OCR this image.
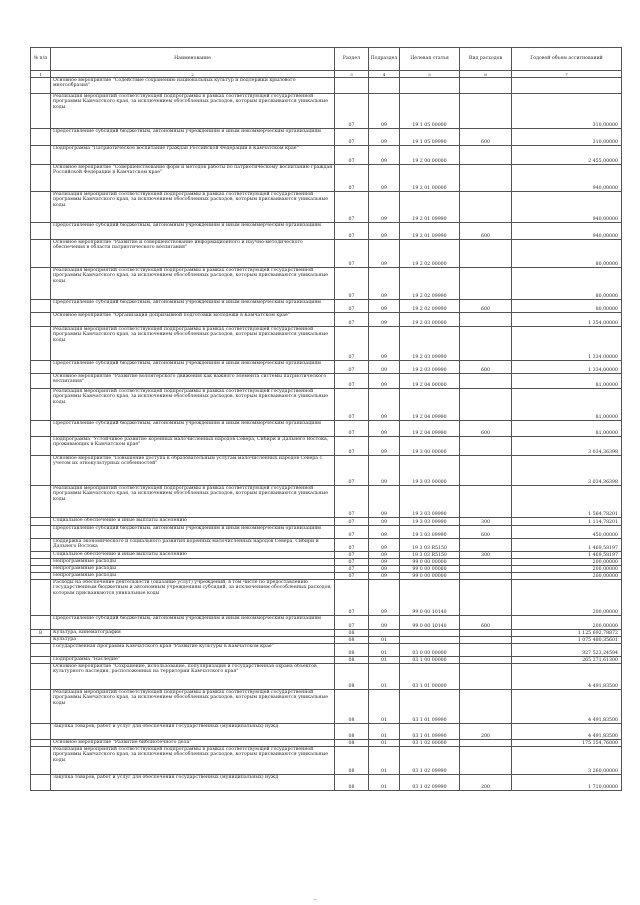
№ п/п	Наименование	Раздел	Подраздел	Целевая статья	Вид расходов	Годовой объем ассигнований
1	2	3	4	5	6	7
	Основное мероприятие "Содействие сохранению национальных культур и подлержки крылового многообразия"					
	Реализация мероприятий соответствующей подпрограммы в рамках соответствующей государственной программы Камчатского края, за исключением обособленных расходов, которым присваиваются уникальные коды	07	09	19 1 05 00000		310,00000
	Предоставление субсидий бюджетным, автономным учреждениям и иным некоммерческим организациям	07	09	19 1 05 09990	600	310,00000
	Подпрограмма "Патриотическое воспитание граждан Российской Федерации в Камчатском крае"	07	09	19 2 00 00000		2 455,00000
	Основное мероприятие "Совершенствование форм и методов работы по патриотическому воспитанию граждан Российской Федерации в Камчатском крае"	07	09	19 2 01 00000		940,00000
	Реализация мероприятий соответствующей подпрограммы в рамках соответствующей государственной программы Камчатского края, за исключением обособленных расходов, которым присваиваются уникальные коды	07	09	19 2 01 09990		940,00000
	Предоставление субсидий бюджетным, автономным учреждениям и иным некоммерческим организациям	07	09	19 2 01 09990	600	940,00000
	Основное мероприятие "Развитие и совершенствование информационного и научно-методического обеспечения в области патриотического воспитания"	07	09	19 2 02 00000		80,00000
	Реализация мероприятий соответствующей подпрограммы в рамках соответствующей государственной программы Камчатского края, за исключением обособленных расходов, которым присваиваются уникальные коды	07	09	19 2 02 09990		80,00000
	Предоставление субсидий бюджетным, автономным учреждениям и иным некоммерческим организациям	07	09	19 2 02 09990	600	80,00000
	Основное мероприятие "Организация допризывной подготовки молодежи в Камчатском крае"	07	09	19 2 03 00000		1 354,00000
	Реализация мероприятий соответствующей подпрограммы в рамках соответствующей государственной программы Камчатского края, за исключением обособленных расходов, которым присваиваются уникальные коды	07	09	19 2 03 09990		1 334,00000
	Предоставление субсидий бюджетным, автономным учреждениям и иным некоммерческим организациям	07	09	19 2 03 09990	600	1 334,00000
	Основное мероприятие "Развитие волонтерского движения как важного элемента системы патриотического воспитания"	07	09	19 2 04 00000		81,00000
	Реализация мероприятий соответствующей подпрограммы в рамках соответствующей государственной программы Камчатского края, за исключением обособленных расходов, которым присваиваются уникальные коды	07	09	19 2 04 09990		81,00000
	Предоставление субсидий бюджетным, автономным учреждениям и иным некоммерческим организациям	07	09	19 2 04 09990	600	81,00000
	Подпрограмма "Устойчивое развитие коренных малочисленных народов Севера, Сибири и Дальнего Востока, проживающих в Камчатском крае"	07	09	19 3 00 00000		3 034,36398
	Основное мероприятие "Повышение доступа к образовательным услугам малочисленных народов Севера с учетом их этнокультурных особенностей"	07	09	19 3 03 00000		3 034,36398
	Реализация мероприятий соответствующей подпрограммы в рамках соответствующей государственной программы Камчатского края, за исключением обособленных расходов, которым присваиваются уникальные коды	07	09	19 3 03 09990		1 564,78201
	Социальное обеспечение и иные выплаты населению	07	09	19 3 03 09990	300	1 114,78201
	Предоставление субсидий бюджетным, автономным учреждениям и иным некоммерческим организациям	07	09	19 3 03 09990	600	450,00000
	Поддержка экономического и социального развития коренных малочисленных народов Севера, Сибири и Дальнего Востока	07	09	19 3 03 R5150		1 469,58197
	Социальное обеспечение и иные выплаты населению	07	09	19 3 03 R5150	300	1 469,58197
	Непрограммные расходы	07	09	99 0 00 00000		200,00000
	Непрограммные расходы	07	09	99 0 00 00000		200,00000
	Непрограммные расходы	07	09	99 0 00 00000		200,00000
	Расходы на обеспечение деятельности (оказание услуг) учреждений, в том числе по предоставлению государственным бюджетным и автономным учреждениям субсидий, за исключением обособленных расходов, которым присваиваются уникальные коды	07	09	99 0 00 10140		200,00000
	Предоставление субсидий бюджетным, автономным учреждениям и иным некоммерческим организациям	07	09	99 0 00 10140	600	200,00000
8	Культура, кинематография	08				1 125 692,78872
	Культура	08	01			1 075 480,35601
	Государственная программа Камчатского края "Развитие культуры в Камчатском крае"	08	01	03 0 00 00000		927 523,24594
	Подпрограмма "Наследие"	08	01	03 1 00 00000		265 271,61300
	Основное мероприятие "Сохранение, использование, популяризация и государственная охрана объектов культурного наследия, расположенных на территории Камчатского края"	08	01	03 1 01 00000		4 491,83500
	Реализация мероприятий соответствующей подпрограммы в рамках соответствующей государственной программы Камчатского края, за исключением обособленных расходов, которым присваиваются уникальные коды	08	01	03 1 01 09990		4 491,83500
	Закупка товаров, работ и услуг для обеспечения государственных (муниципальных) нужд	08	01	03 1 01 09990	200	4 491,83500
	Основное мероприятие "Развитие библиотечного дела"	08	01	03 1 02 00000		175 154,76000
	Реализация мероприятий соответствующей подпрограммы в рамках соответствующей государственной программы Камчатского края, за исключением обособленных расходов, которым присваиваются уникальные коды	08	01	03 1 02 09990		3 260,00000
	Закупка товаров, работ и услуг для обеспечения государственных (муниципальных) нужд	08	01	03 1 02 09990	200	1 710,00000
--
